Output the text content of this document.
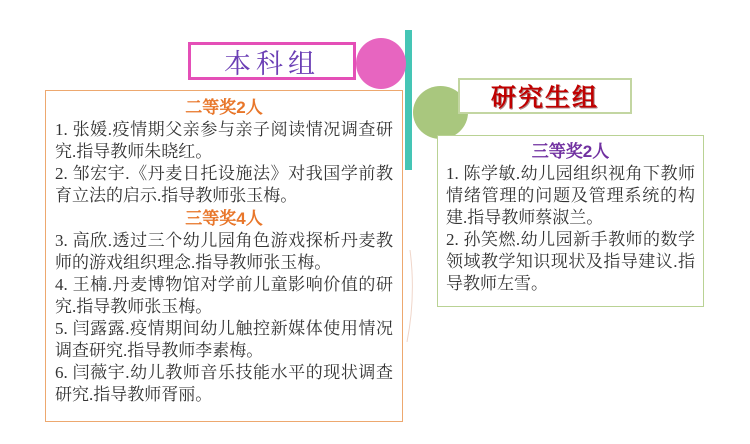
本科组
二等奖2人

1. 张媛.疫情期父亲参与亲子阅读情况调查研究.指导教师朱晓红。

2. 邹宏宇.《丹麦日托设施法》对我国学前教育立法的启示.指导教师张玉梅。

三等奖4人

3. 高欣.透过三个幼儿园角色游戏探析丹麦教师的游戏组织理念.指导教师张玉梅。

4. 王楠.丹麦博物馆对学前儿童影响价值的研究.指导教师张玉梅。

5. 闫露露.疫情期间幼儿触控新媒体使用情况调查研究.指导教师李素梅。

6. 闫薇宇.幼儿教师音乐技能水平的现状调查研究.指导教师胥丽。

研究生组
三等奖2人

1. 陈学敏.幼儿园组织视角下教师情绪管理的问题及管理系统的构建.指导教师蔡淑兰。

2. 孙笑燃.幼儿园新手教师的数学领域教学知识现状及指导建议.指导教师左雪。
